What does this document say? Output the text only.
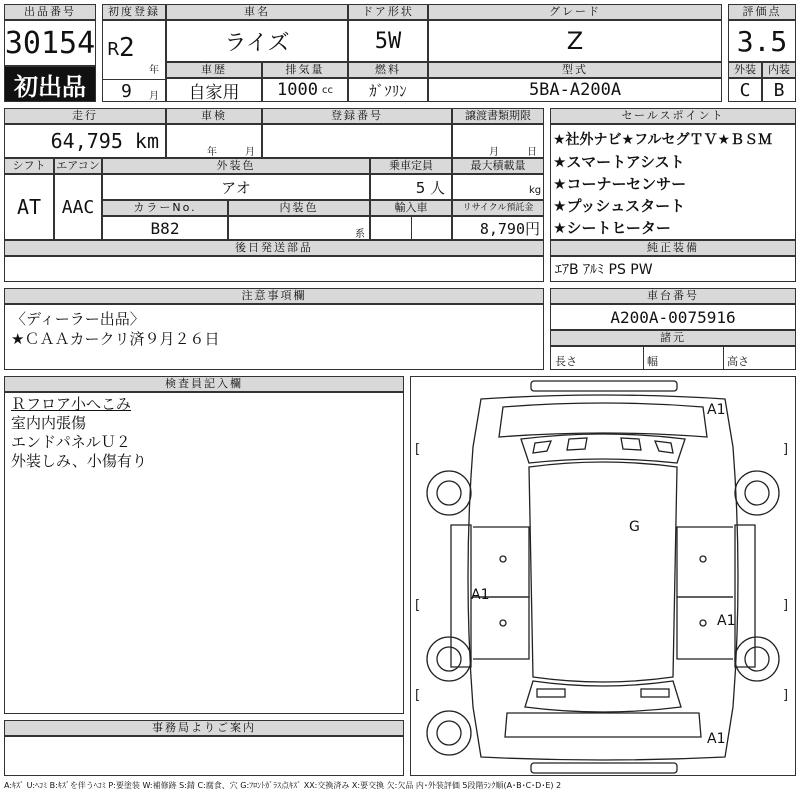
出品番号
30154
初出品
初度登録
R 2
年
9 月
車名
ライズ
ドア形状
5W
グレード
Z
車歴
自家用
排気量
1000 cc
燃料
ｶﾞｿﾘﾝ
型式
5BA-A200A
評価点
3.5
外装	内装
C	B
走行
64,795 km
車検
年	月
登録番号	譲渡書類期限
月	日
シフト
AT
エアコン
AAC
外装色
アオ
乗車定員
5 人
最大積載量
kg
カラーNo.
B82
内装色
系
輸入車	リサイクル預託金
8,790円
後日発送部品
セールスポイント
★社外ナビ★フルセグＴＶ★ＢＳＭ
★スマートアシスト
★コーナーセンサー
★プッシュスタート
★シートヒーター
純正装備
ｴｱB ｱﾙﾐ PS PW
注意事項欄
〈ディーラー出品〉
★ＣＡＡカークリ済９月２６日
車台番号
A200A-0075916
諸元
長さ	幅	高さ
検査員記入欄
Ｒフロア小へこみ
室内内張傷
エンドパネルＵ２
外装しみ、小傷有り
事務局よりご案内
A1
G
A1
A1
A1
[	]
[	]
[	]
A:ｷｽﾞ U:ﾍｺﾐ B:ｷｽﾞを伴うﾍｺﾐ P:要塗装 W:補修跡 S:錆 C:腐食、穴 G:ﾌﾛﾝﾄｶﾞﾗｽ点ｷｽﾞ XX:交換済み X:要交換 欠:欠品 内･外装評価 5段階ﾗﾝｸ順(A･B･C･D･E) 2
